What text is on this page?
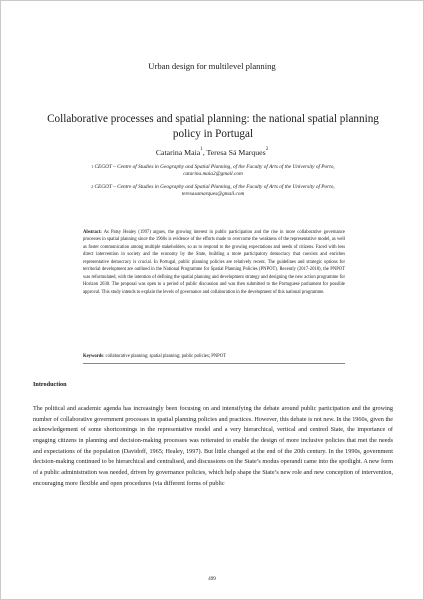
Urban design for multilevel planning
Collaborative processes and spatial planning: the national spatial planning policy in Portugal
Catarina Maia$^1$, Teresa Sá Marques$^2$
$^1$ CEGOT – Centre of Studies in Geography and Spatial Planning, of the Faculty of Arts of the University of Porto, catarina.maia2@gmail.com
$^2$ CEGOT – Centre of Studies in Geography and Spatial Planning, of the Faculty of Arts of the University of Porto, teresasamarques@gmail.com
Abstract: As Patsy Healey (1997) argues, the growing interest in public participation and the rise in more collaborative governance processes in spatial planning since the 1960s is evidence of the efforts made to overcome the weakness of the representative model, as well as foster communication among multiple stakeholders, so as to respond to the growing expectations and needs of citizens. Faced with less direct intervention in society and the economy by the State, building a more participatory democracy that coexists and enriches representative democracy is crucial. In Portugal, public planning policies are relatively recent. The guidelines and strategic options for territorial development are outlined in the National Programme for Spatial Planning Policies (PNPOT). Recently (2017-2018), the PNPOT was reformulated, with the intention of defining the spatial planning and development strategy and designing the new action programme for Horizon 2030. The proposal was open to a period of public discussion and was then submitted to the Portuguese parliament for possible approval. This study intends to explain the levels of governance and collaboration in the development of this national programme.
Keywords: collaborative planning; spatial planning; public policies; PNPOT
Introduction
The political and academic agenda has increasingly been focusing on and intensifying the debate around public participation and the growing number of collaborative government processes in spatial planning policies and practices. However, this debate is not new. In the 1960s, given the acknowledgement of some shortcomings in the representative model and a very hierarchical, vertical and centred State, the importance of engaging citizens in planning and decision-making processes was reiterated to enable the design of more inclusive policies that met the needs and expectations of the population (Davidoff, 1965; Healey, 1997). But little changed at the end of the 20th century. In the 1990s, government decision-making continued to be hierarchical and centralised, and discussions on the State’s modus operandi came into the spotlight. A new form of a public administration was needed, driven by governance policies, which help shape the State’s new role and new conception of intervention, encouraging more flexible and open procedures (via different forms of public
499
